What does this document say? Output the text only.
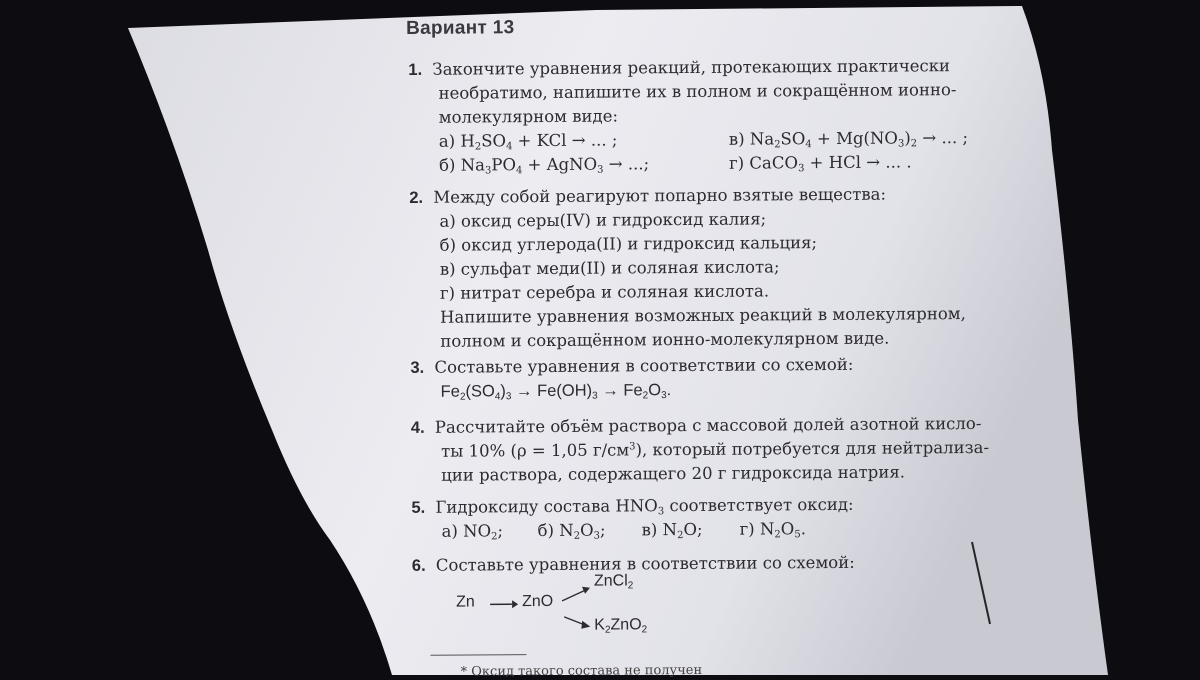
Вариант 13
1. Закончите уравнения реакций, протекающих практически
необратимо, напишите их в полном и сокращённом ионно-
молекулярном виде:
а) $H_2SO_4$ + KCl → ... ;	в) $Na_2SO_4 + Mg(NO_3)_2$ → ... ;
б) $Na_3PO_4$ + AgNO$_3$ → ...;	г) CaCO$_3$ + HCl → ... .
2. Между собой реагируют попарно взятые вещества:
а) оксид серы(IV) и гидроксид калия;
б) оксид углерода(II) и гидроксид кальция;
в) сульфат меди(II) и соляная кислота;
г) нитрат серебра и соляная кислота.
Напишите уравнения возможных реакций в молекулярном,
полном и сокращённом ионно-молекулярном виде.
3. Составьте уравнения в соответствии со схемой:
$Fe_2(SO_4)_3 \to Fe(OH)_3 \to Fe_2O_3$.
4. Рассчитайте объём раствора с массовой долей азотной кисло-
ты 10% (ρ = 1,05 $г/см^3$), который потребуется для нейтрализа-
ции раствора, содержащего 20 г гидроксида натрия.
5. Гидроксиду состава $HNO_3$ соответствует оксид:
а) $NO_2$;	б) $N_2O_3$;	в) $N_2O$;	г) $N_2O_5$.
6. Составьте уравнения в соответствии со схемой:
Zn	ZnO
ZnCl$_2$
$K_2ZnO_2$
* Оксид такого состава не получен
